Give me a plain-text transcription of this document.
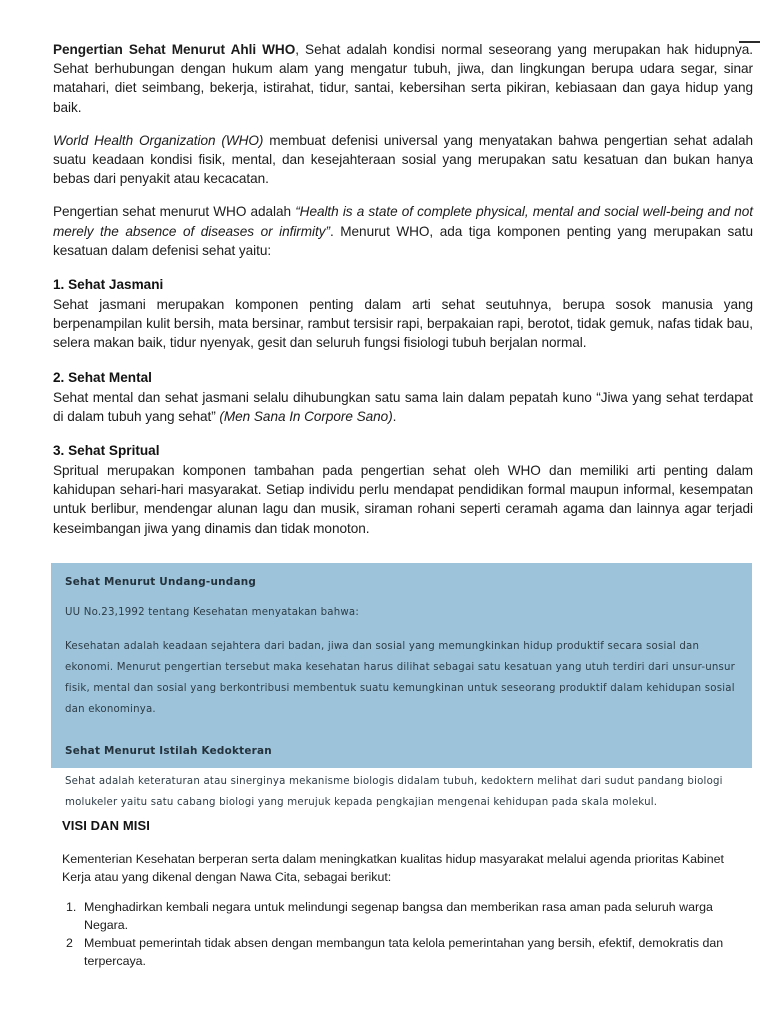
Pengertian Sehat Menurut Ahli WHO, Sehat adalah kondisi normal seseorang yang merupakan hak hidupnya. Sehat berhubungan dengan hukum alam yang mengatur tubuh, jiwa, dan lingkungan berupa udara segar, sinar matahari, diet seimbang, bekerja, istirahat, tidur, santai, kebersihan serta pikiran, kebiasaan dan gaya hidup yang baik.

World Health Organization (WHO) membuat defenisi universal yang menyatakan bahwa pengertian sehat adalah suatu keadaan kondisi fisik, mental, dan kesejahteraan sosial yang merupakan satu kesatuan dan bukan hanya bebas dari penyakit atau kecacatan.

Pengertian sehat menurut WHO adalah “Health is a state of complete physical, mental and social well-being and not merely the absence of diseases or infirmity”. Menurut WHO, ada tiga komponen penting yang merupakan satu kesatuan dalam defenisi sehat yaitu:

1. Sehat Jasmani

Sehat jasmani merupakan komponen penting dalam arti sehat seutuhnya, berupa sosok manusia yang berpenampilan kulit bersih, mata bersinar, rambut tersisir rapi, berpakaian rapi, berotot, tidak gemuk, nafas tidak bau, selera makan baik, tidur nyenyak, gesit dan seluruh fungsi fisiologi tubuh berjalan normal.

2. Sehat Mental

Sehat mental dan sehat jasmani selalu dihubungkan satu sama lain dalam pepatah kuno “Jiwa yang sehat terdapat di dalam tubuh yang sehat” (Men Sana In Corpore Sano).

3. Sehat Spritual

Spritual merupakan komponen tambahan pada pengertian sehat oleh WHO dan memiliki arti penting dalam kahidupan sehari-hari masyarakat. Setiap individu perlu mendapat pendidikan formal maupun informal, kesempatan untuk berlibur, mendengar alunan lagu dan musik, siraman rohani seperti ceramah agama dan lainnya agar terjadi keseimbangan jiwa yang dinamis dan tidak monoton.

Sehat Menurut Undang-undang

UU No.23,1992 tentang Kesehatan menyatakan bahwa:

Kesehatan adalah keadaan sejahtera dari badan, jiwa dan sosial yang memungkinkan hidup produktif secara sosial dan ekonomi. Menurut pengertian tersebut maka kesehatan harus dilihat sebagai satu kesatuan yang utuh terdiri dari unsur-unsur fisik, mental dan sosial yang berkontribusi membentuk suatu kemungkinan untuk seseorang produktif dalam kehidupan sosial dan ekonominya.

Sehat Menurut Istilah Kedokteran

Sehat adalah keteraturan atau sinerginya mekanisme biologis didalam tubuh, kedoktern melihat dari sudut pandang biologi molukeler yaitu satu cabang biologi yang merujuk kepada pengkajian mengenai kehidupan pada skala molekul.

VISI DAN MISI

Kementerian Kesehatan berperan serta dalam meningkatkan kualitas hidup masyarakat melalui agenda prioritas Kabinet Kerja atau yang dikenal dengan Nawa Cita, sebagai berikut:

1. Menghadirkan kembali negara untuk melindungi segenap bangsa dan memberikan rasa aman pada seluruh warga Negara.
2 Membuat pemerintah tidak absen dengan membangun tata kelola pemerintahan yang bersih, efektif, demokratis dan terpercaya.
